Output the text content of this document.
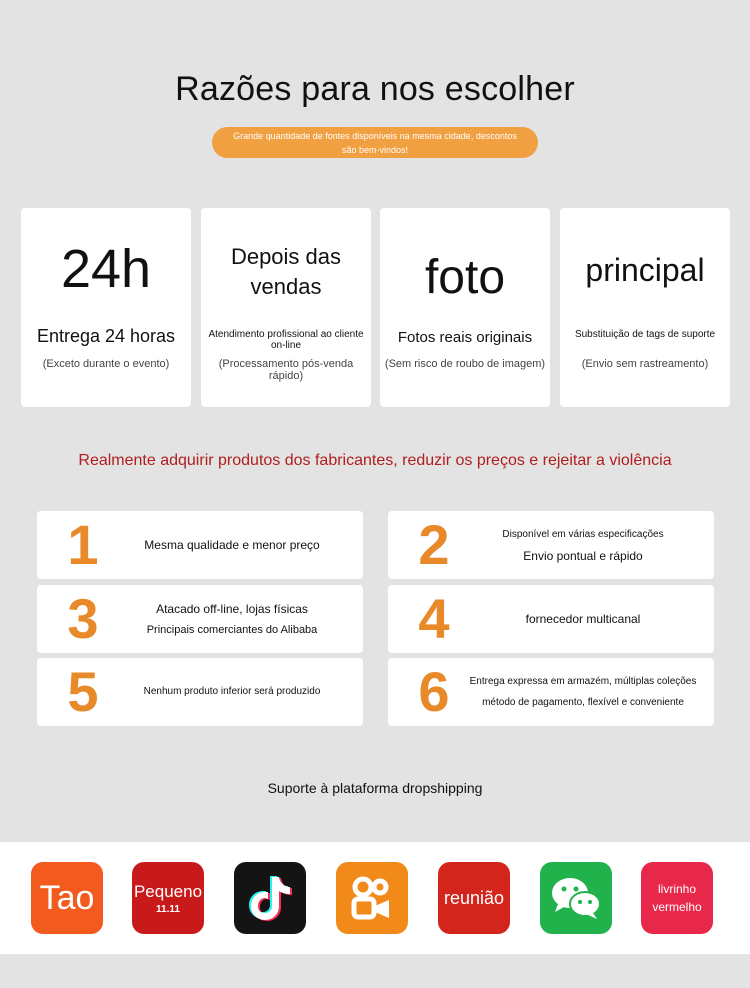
Razões para nos escolher
Grande quantidade de fontes disponíveis na mesma cidade, descontos são bem-vindos!
24h
Entrega 24 horas
(Exceto durante o evento)
Depois das
vendas
Atendimento profissional ao cliente on-line
(Processamento pós-venda rápido)
foto
Fotos reais originais
(Sem risco de roubo de imagem)
principal
Substituição de tags de suporte
(Envio sem rastreamento)
Realmente adquirir produtos dos fabricantes, reduzir os preços e rejeitar a violência
1	Mesma qualidade e menor preço 2	Disponível em várias especificações
Envio pontual e rápido
3	Atacado off-line, lojas físicas
Principais comerciantes do Alibaba 4	fornecedor multicanal
5	Nenhum produto inferior será produzido 6	Entrega expressa em armazém, múltiplas coleções
método de pagamento, flexível e conveniente
Suporte à plataforma dropshipping
Tao Pequeno
11.11
reunião	livrinho
vermelho
